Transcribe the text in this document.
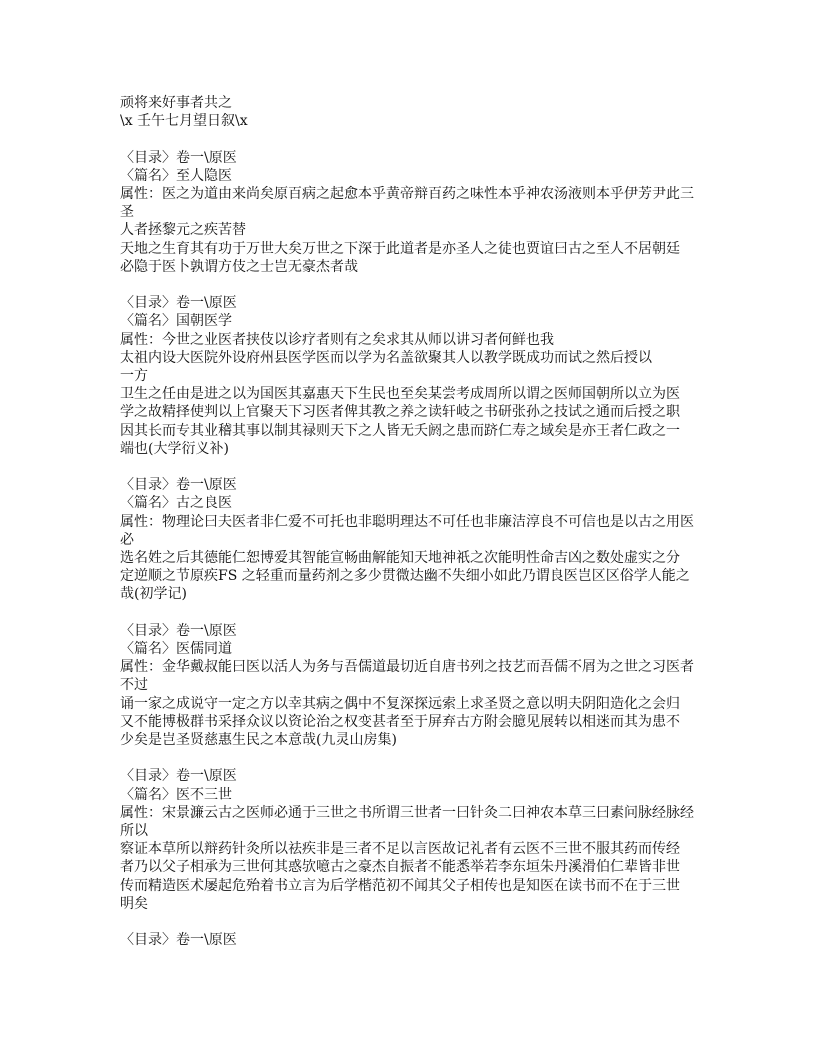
顽将来好事者共之
\x 壬午七月望日叙\x
〈目录〉卷一\原医
〈篇名〉至人隐医
属性：医之为道由来尚矣原百病之起愈本乎黄帝辩百药之味性本乎神农汤液则本乎伊芳尹此三
圣
人者拯黎元之疾苦替
天地之生育其有功于万世大矣万世之下深于此道者是亦圣人之徒也贾谊曰古之至人不居朝廷
必隐于医卜孰谓方伎之士岂无豪杰者哉
〈目录〉卷一\原医
〈篇名〉国朝医学
属性：今世之业医者挟伎以诊疗者则有之矣求其从师以讲习者何鲜也我
太祖内设大医院外设府州县医学医而以学为名盖欲聚其人以教学既成功而试之然后授以
一方
卫生之任由是进之以为国医其嘉惠天下生民也至矣某尝考成周所以谓之医师国朝所以立为医
学之故精择使判以上官聚天下习医者俾其教之养之读轩岐之书研张孙之技试之通而后授之职
因其长而专其业稽其事以制其禄则天下之人皆无夭阏之患而跻仁寿之域矣是亦王者仁政之一
端也(大学衍义补)
〈目录〉卷一\原医
〈篇名〉古之良医
属性：物理论曰夫医者非仁爱不可托也非聪明理达不可任也非廉洁淳良不可信也是以古之用医
必
选名姓之后其德能仁恕博爱其智能宣畅曲解能知天地神祇之次能明性命吉凶之数处虚实之分
定逆顺之节原疾FS 之轻重而量药剂之多少贯微达幽不失细小如此乃谓良医岂区区俗学人能之
哉(初学记)
〈目录〉卷一\原医
〈篇名〉医儒同道
属性：金华戴叔能曰医以活人为务与吾儒道最切近自唐书列之技艺而吾儒不屑为之世之习医者
不过
诵一家之成说守一定之方以幸其病之偶中不复深探远索上求圣贤之意以明夫阴阳造化之会归
又不能博极群书采择众议以资论治之权变甚者至于屏弃古方附会臆见展转以相迷而其为患不
少矣是岂圣贤慈惠生民之本意哉(九灵山房集)
〈目录〉卷一\原医
〈篇名〉医不三世
属性：宋景濂云古之医师必通于三世之书所谓三世者一曰针灸二曰神农本草三曰素问脉经脉经
所以
察证本草所以辩药针灸所以祛疾非是三者不足以言医故记礼者有云医不三世不服其药而传经
者乃以父子相承为三世何其惑欤噫古之豪杰自振者不能悉举若李东垣朱丹溪滑伯仁辈皆非世
传而精造医术屡起危殆着书立言为后学楷范初不闻其父子相传也是知医在读书而不在于三世
明矣
〈目录〉卷一\原医
